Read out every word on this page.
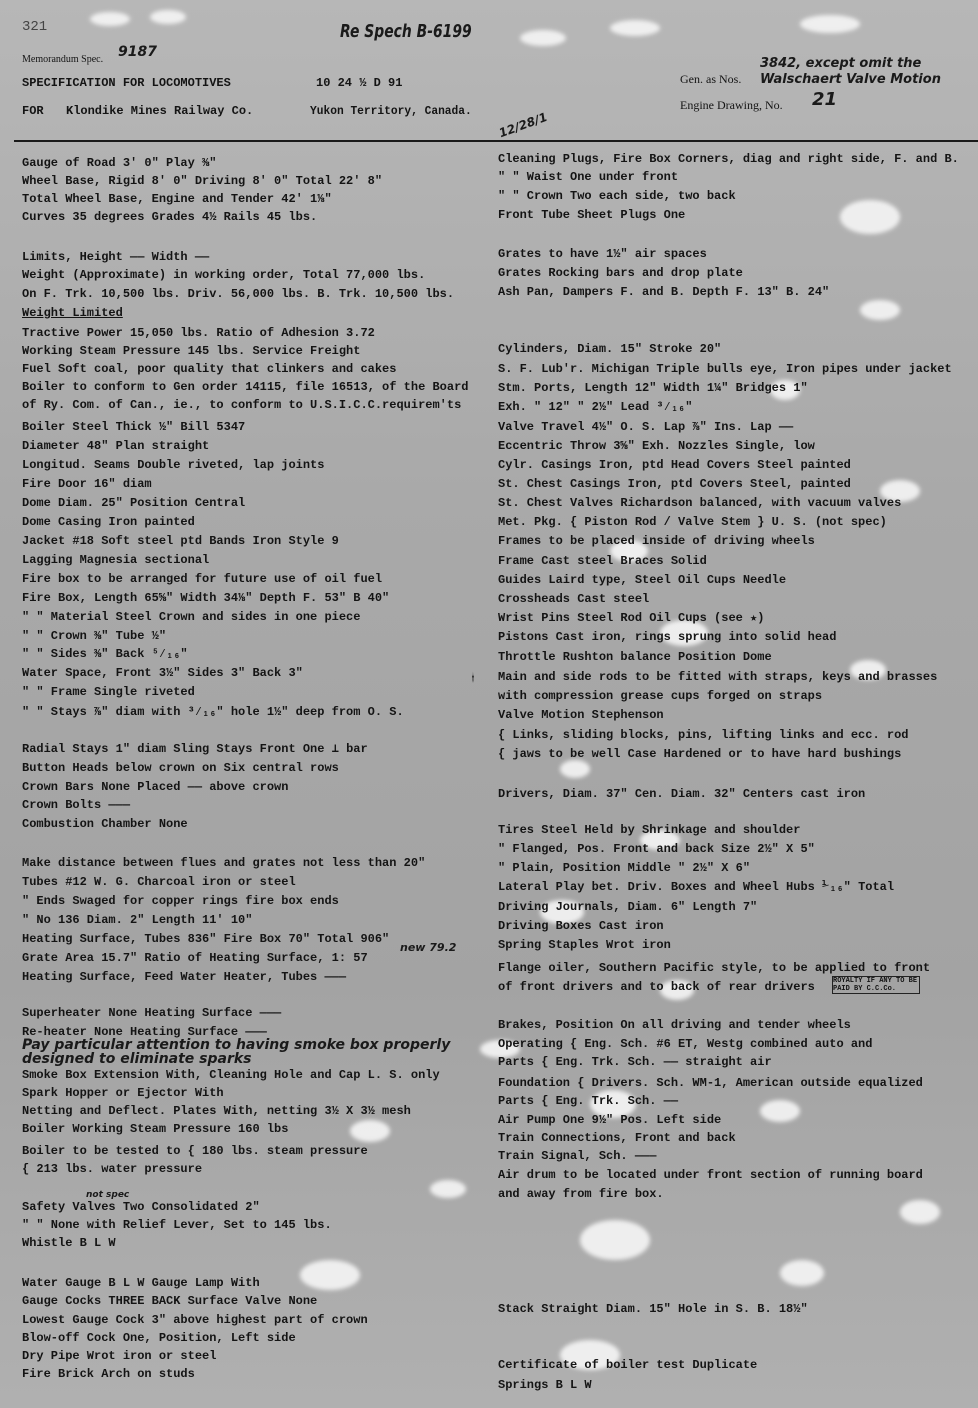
321	Re Spech B-6199
Memorandum Spec. 9187
SPECIFICATION FOR LOCOMOTIVES	10 24 ½ D 91
FOR Klondike Mines Railway Co.	Yukon Territory, Canada. 12/28/1
Gen. as Nos.
3842, except omit the
Walschaert Valve Motion
Engine Drawing, No. 21
Gauge of Road 3' 0" Play ⅜"
Wheel Base, Rigid 8' 0" Driving 8' 0" Total 22' 8"
Total Wheel Base, Engine and Tender 42' 1⅛"
Curves 35 degrees Grades 4½ Rails 45 lbs.
Limits, Height —— Width ——
Weight (Approximate) in working order, Total 77,000 lbs.
On F. Trk. 10,500 lbs. Driv. 56,000 lbs. B. Trk. 10,500 lbs.
Weight Limited
Tractive Power 15,050 lbs. Ratio of Adhesion 3.72
Working Steam Pressure 145 lbs. Service Freight
Fuel Soft coal, poor quality that clinkers and cakes
Boiler to conform to Gen order 14115, file 16513, of the Board
of Ry. Com. of Can., ie., to conform to U.S.I.C.C.requirem'ts
Boiler Steel Thick ½" Bill 5347
Diameter 48" Plan straight
Longitud. Seams Double riveted, lap joints
Fire Door 16" diam
Dome Diam. 25" Position Central
Dome Casing Iron painted
Jacket #18 Soft steel ptd Bands Iron Style 9
Lagging Magnesia sectional
Fire box to be arranged for future use of oil fuel
Fire Box, Length 65⅝" Width 34⅛" Depth F. 53" B 40"
" " Material Steel Crown and sides in one piece
" " Crown ⅜" Tube ½"
" " Sides ⅜" Back ⁵⁄₁₆"
Water Space, Front 3½" Sides 3" Back 3"
" " Frame Single riveted
" " Stays ⅞" diam with ³⁄₁₆" hole 1½" deep from O. S.
Radial Stays 1" diam Sling Stays Front One ⊥ bar
Button Heads below crown on Six central rows
Crown Bars None Placed —— above crown
Crown Bolts ———
Combustion Chamber None
Make distance between flues and grates not less than 20"
Tubes #12 W. G. Charcoal iron or steel
" Ends Swaged for copper rings fire box ends
" No 136 Diam. 2" Length 11' 10"
Heating Surface, Tubes 836" Fire Box 70" Total 906"
Grate Area 15.7" Ratio of Heating Surface, 1: 57
new 79.2
Heating Surface, Feed Water Heater, Tubes ———
Superheater None Heating Surface ———
Re-heater None Heating Surface ———
Pay particular attention to having smoke box properly
designed to eliminate sparks
Smoke Box Extension With, Cleaning Hole and Cap L. S. only
Spark Hopper or Ejector With
Netting and Deflect. Plates With, netting 3½ X 3½ mesh
Boiler Working Steam Pressure 160 lbs
Boiler to be tested to { 180 lbs. steam pressure
{ 213 lbs. water pressure
Safety Valves Two Consolidated 2"
not spec
" " None with Relief Lever, Set to 145 lbs.
Whistle B L W
Water Gauge B L W Gauge Lamp With
Gauge Cocks THREE BACK Surface Valve None
Lowest Gauge Cock 3" above highest part of crown
Blow-off Cock One, Position, Left side
Dry Pipe Wrot iron or steel
Fire Brick Arch on studs
Cleaning Plugs, Fire Box Corners, diag and right side, F. and B.
" " Waist One under front
" " Crown Two each side, two back
Front Tube Sheet Plugs One
Grates to have 1½" air spaces
Grates Rocking bars and drop plate
Ash Pan, Dampers F. and B. Depth F. 13" B. 24"
Cylinders, Diam. 15" Stroke 20"
S. F. Lub'r. Michigan Triple bulls eye, Iron pipes under jacket
Stm. Ports, Length 12" Width 1¼" Bridges 1"
Exh. " 12" " 2½" Lead ³⁄₁₆"
Valve Travel 4½" O. S. Lap ⅞" Ins. Lap ——
Eccentric Throw 3⅝" Exh. Nozzles Single, low
Cylr. Casings Iron, ptd Head Covers Steel painted
St. Chest Casings Iron, ptd Covers Steel, painted
St. Chest Valves Richardson balanced, with vacuum valves
Met. Pkg. { Piston Rod / Valve Stem } U. S. (not spec)
Frames to be placed inside of driving wheels
Frame Cast steel Braces Solid
Guides Laird type, Steel Oil Cups Needle
Crossheads Cast steel
Wrist Pins Steel Rod Oil Cups (see ★)
Pistons Cast iron, rings sprung into solid head
Throttle Rushton balance Position Dome
★ Main and side rods to be fitted with straps, keys and brasses
with compression grease cups forged on straps
Valve Motion Stephenson
{ Links, sliding blocks, pins, lifting links and ecc. rod
{ jaws to be well Case Hardened or to have hard bushings
Drivers, Diam. 37" Cen. Diam. 32" Centers cast iron
Tires Steel Held by Shrinkage and shoulder
" Flanged, Pos. Front and back Size 2½" X 5"
" Plain, Position Middle " 2½" X 6"
Lateral Play bet. Driv. Boxes and Wheel Hubs ⅟₁₆" Total
Driving Journals, Diam. 6" Length 7"
Driving Boxes Cast iron
Spring Staples Wrot iron
Flange oiler, Southern Pacific style, to be applied to front
of front drivers and to back of rear drivers	ROYALTY IF ANY TO BE PAID BY C.C.Co.
Brakes, Position On all driving and tender wheels
Operating { Eng. Sch. #6 ET, Westg combined auto and
Parts { Eng. Trk. Sch. —— straight air
Foundation { Drivers. Sch. WM-1, American outside equalized
Parts { Eng. Trk. Sch. ——
Air Pump One 9½" Pos. Left side
Train Connections, Front and back
Train Signal, Sch. ———
Air drum to be located under front section of running board
and away from fire box.
Stack Straight Diam. 15" Hole in S. B. 18½"
Certificate of boiler test Duplicate
Springs B L W
